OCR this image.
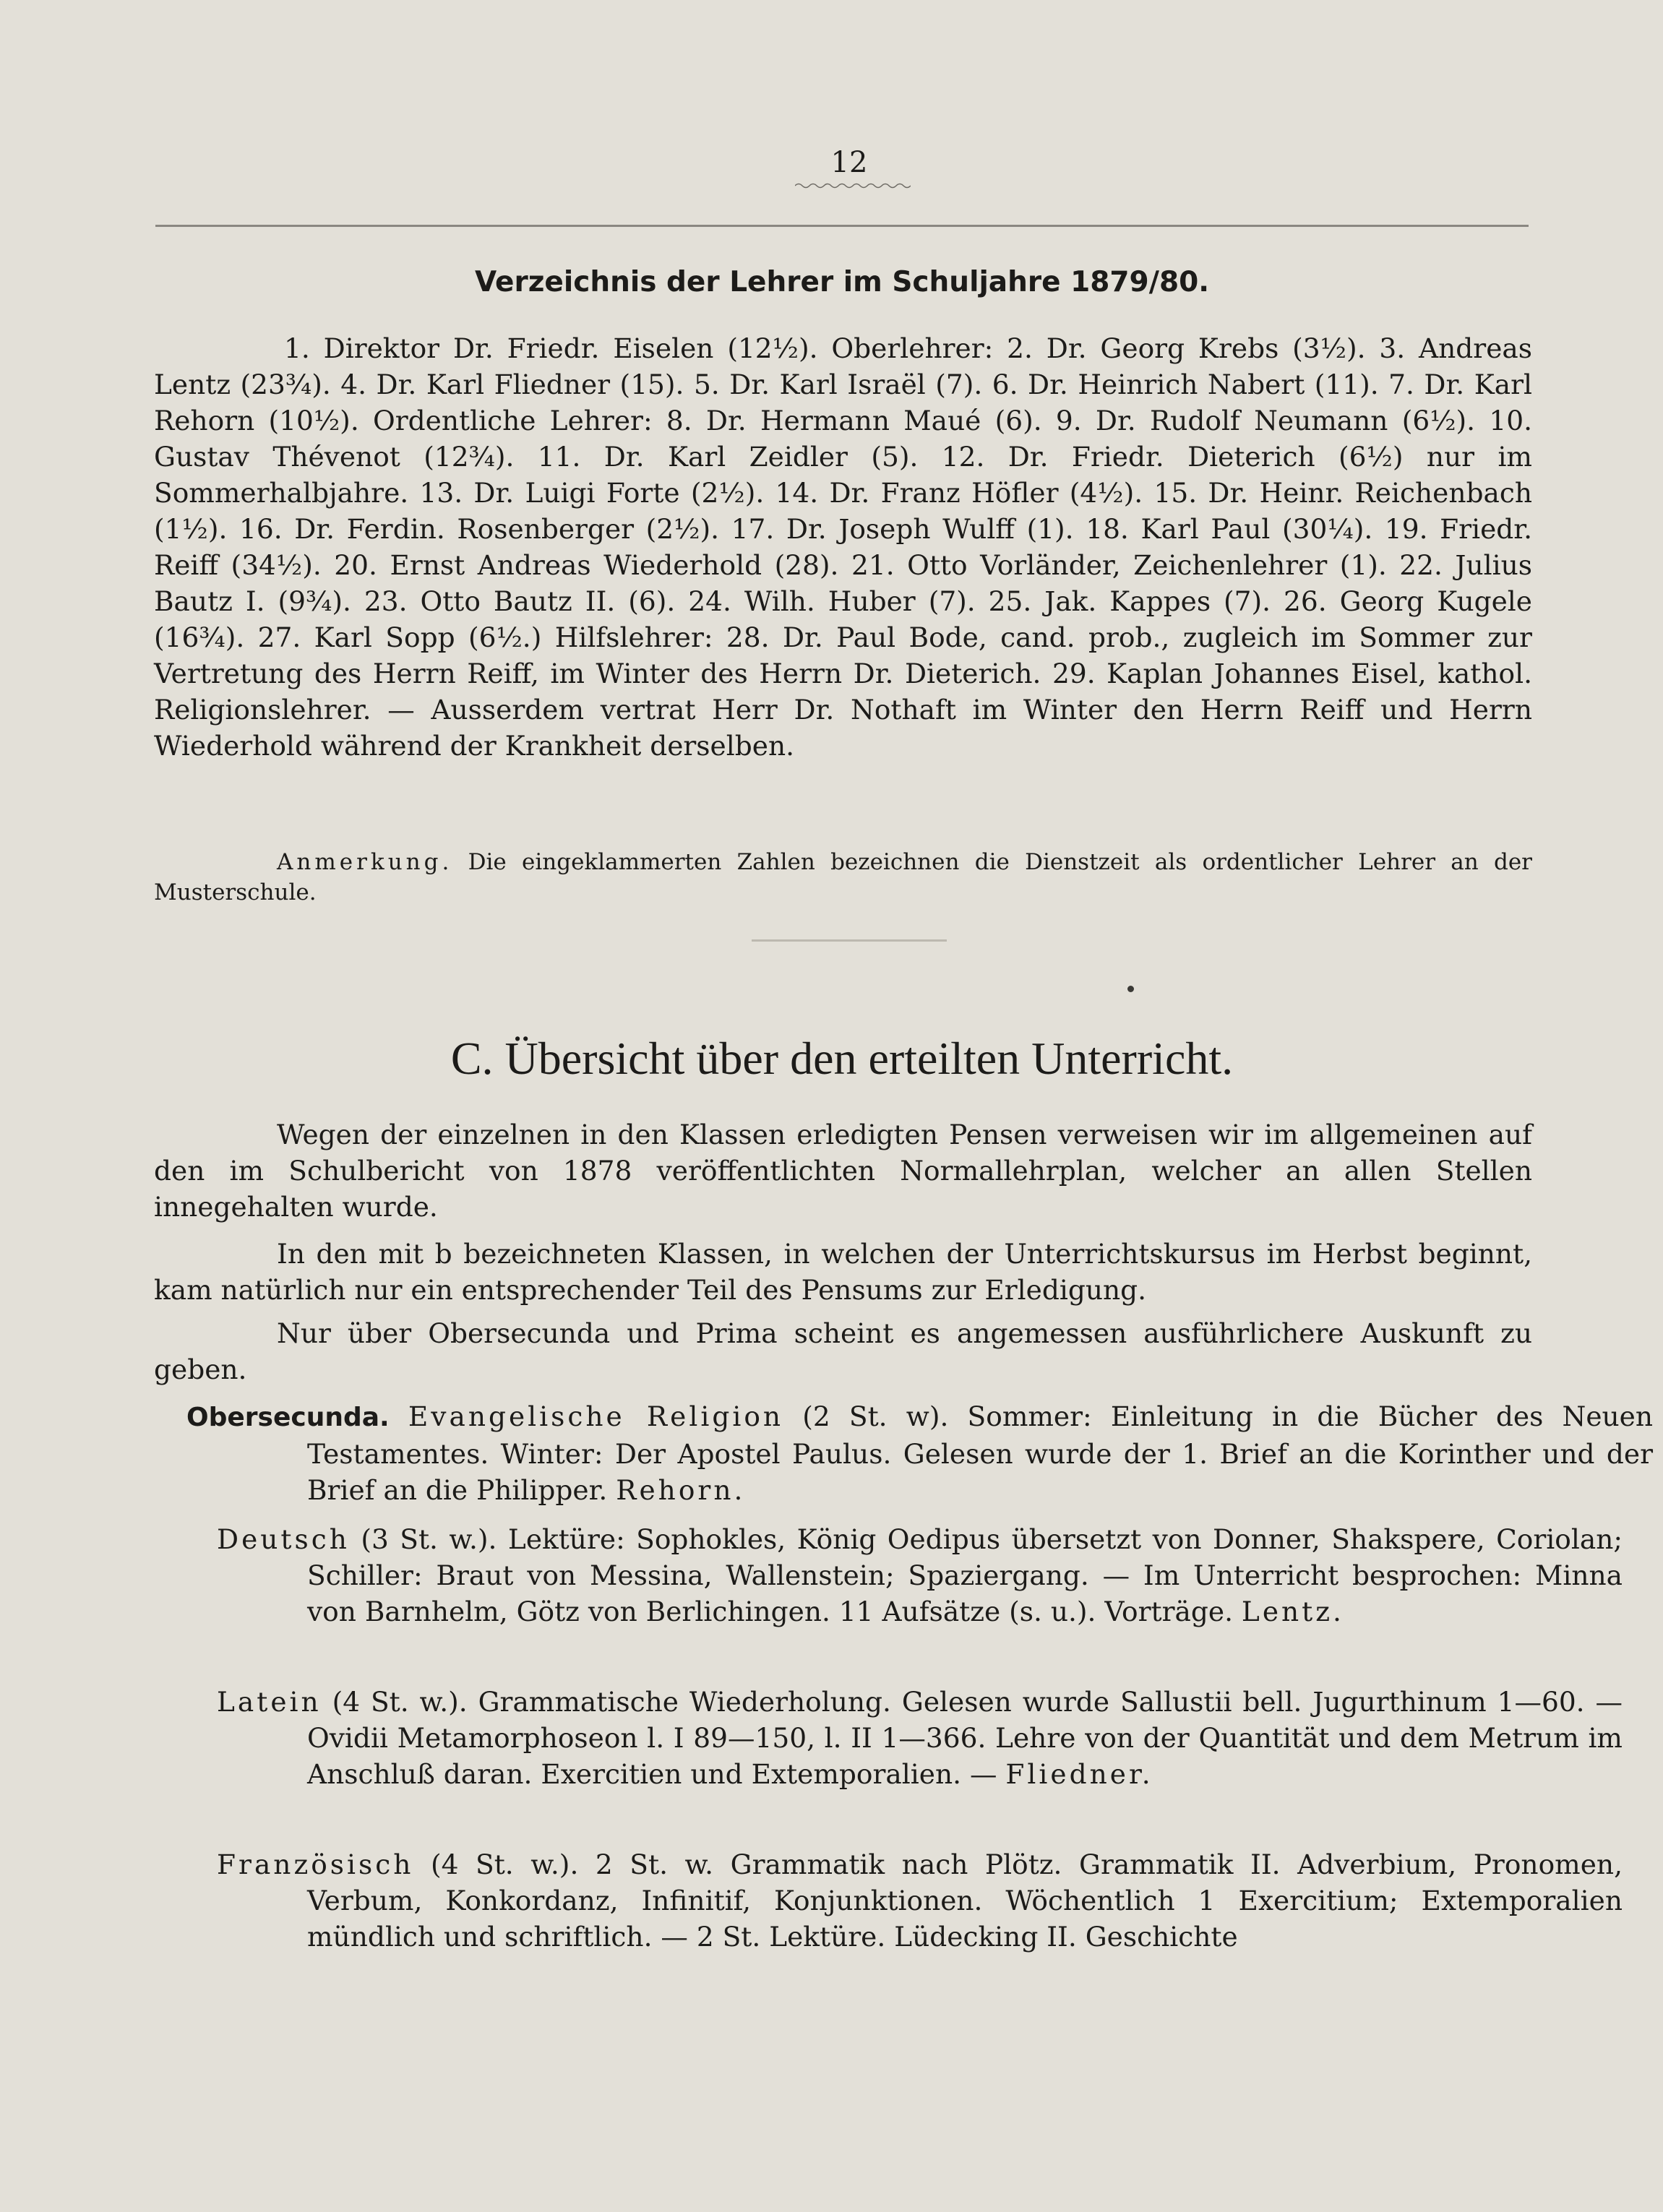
12
Verzeichnis der Lehrer im Schuljahre 1879/80.

1. Direktor Dr. Friedr. Eiselen (12½). Oberlehrer: 2. Dr. Georg Krebs (3½). 3. Andreas Lentz (23¾). 4. Dr. Karl Fliedner (15). 5. Dr. Karl Israël (7). 6. Dr. Heinrich Nabert (11). 7. Dr. Karl Rehorn (10½). Ordentliche Lehrer: 8. Dr. Hermann Maué (6). 9. Dr. Rudolf Neumann (6½). 10. Gustav Thévenot (12¾). 11. Dr. Karl Zeidler (5). 12. Dr. Friedr. Dieterich (6½) nur im Sommerhalbjahre. 13. Dr. Luigi Forte (2½). 14. Dr. Franz Höfler (4½). 15. Dr. Heinr. Reichenbach (1½). 16. Dr. Ferdin. Rosenberger (2½). 17. Dr. Joseph Wulff (1). 18. Karl Paul (30¼). 19. Friedr. Reiff (34½). 20. Ernst Andreas Wiederhold (28). 21. Otto Vorländer, Zeichenlehrer (1). 22. Julius Bautz I. (9¾). 23. Otto Bautz II. (6). 24. Wilh. Huber (7). 25. Jak. Kappes (7). 26. Georg Kugele (16¾). 27. Karl Sopp (6½.) Hilfslehrer: 28. Dr. Paul Bode, cand. prob., zugleich im Sommer zur Vertretung des Herrn Reiff, im Winter des Herrn Dr. Dieterich. 29. Kaplan Johannes Eisel, kathol. Religionslehrer. — Ausserdem vertrat Herr Dr. Nothaft im Winter den Herrn Reiff und Herrn Wiederhold während der Krankheit derselben.

Anmerkung. Die eingeklammerten Zahlen bezeichnen die Dienstzeit als ordentlicher Lehrer an der Musterschule.

C. Übersicht über den erteilten Unterricht.

Wegen der einzelnen in den Klassen erledigten Pensen verweisen wir im allgemeinen auf den im Schulbericht von 1878 veröffentlichten Normallehrplan, welcher an allen Stellen innegehalten wurde.

In den mit b bezeichneten Klassen, in welchen der Unterrichtskursus im Herbst beginnt, kam natürlich nur ein entsprechender Teil des Pensums zur Erledigung.

Nur über Obersecunda und Prima scheint es angemessen ausführlichere Auskunft zu geben.

Obersecunda. Evangelische Religion (2 St. w). Sommer: Einleitung in die Bücher des Neuen Testamentes. Winter: Der Apostel Paulus. Gelesen wurde der 1. Brief an die Korinther und der Brief an die Philipper. Rehorn.

Deutsch (3 St. w.). Lektüre: Sophokles, König Oedipus übersetzt von Donner, Shakspere, Coriolan; Schiller: Braut von Messina, Wallenstein; Spaziergang. — Im Unterricht besprochen: Minna von Barnhelm, Götz von Berlichingen. 11 Aufsätze (s. u.). Vorträge. Lentz.

Latein (4 St. w.). Grammatische Wiederholung. Gelesen wurde Sallustii bell. Jugurthinum 1—60. — Ovidii Metamorphoseon l. I 89—150, l. II 1—366. Lehre von der Quantität und dem Metrum im Anschluß daran. Exercitien und Extemporalien. — Fliedner.

Französisch (4 St. w.). 2 St. w. Grammatik nach Plötz. Grammatik II. Adverbium, Pronomen, Verbum, Konkordanz, Infinitif, Konjunktionen. Wöchentlich 1 Exercitium; Extemporalien mündlich und schriftlich. — 2 St. Lektüre. Lüdecking II. Geschichte
